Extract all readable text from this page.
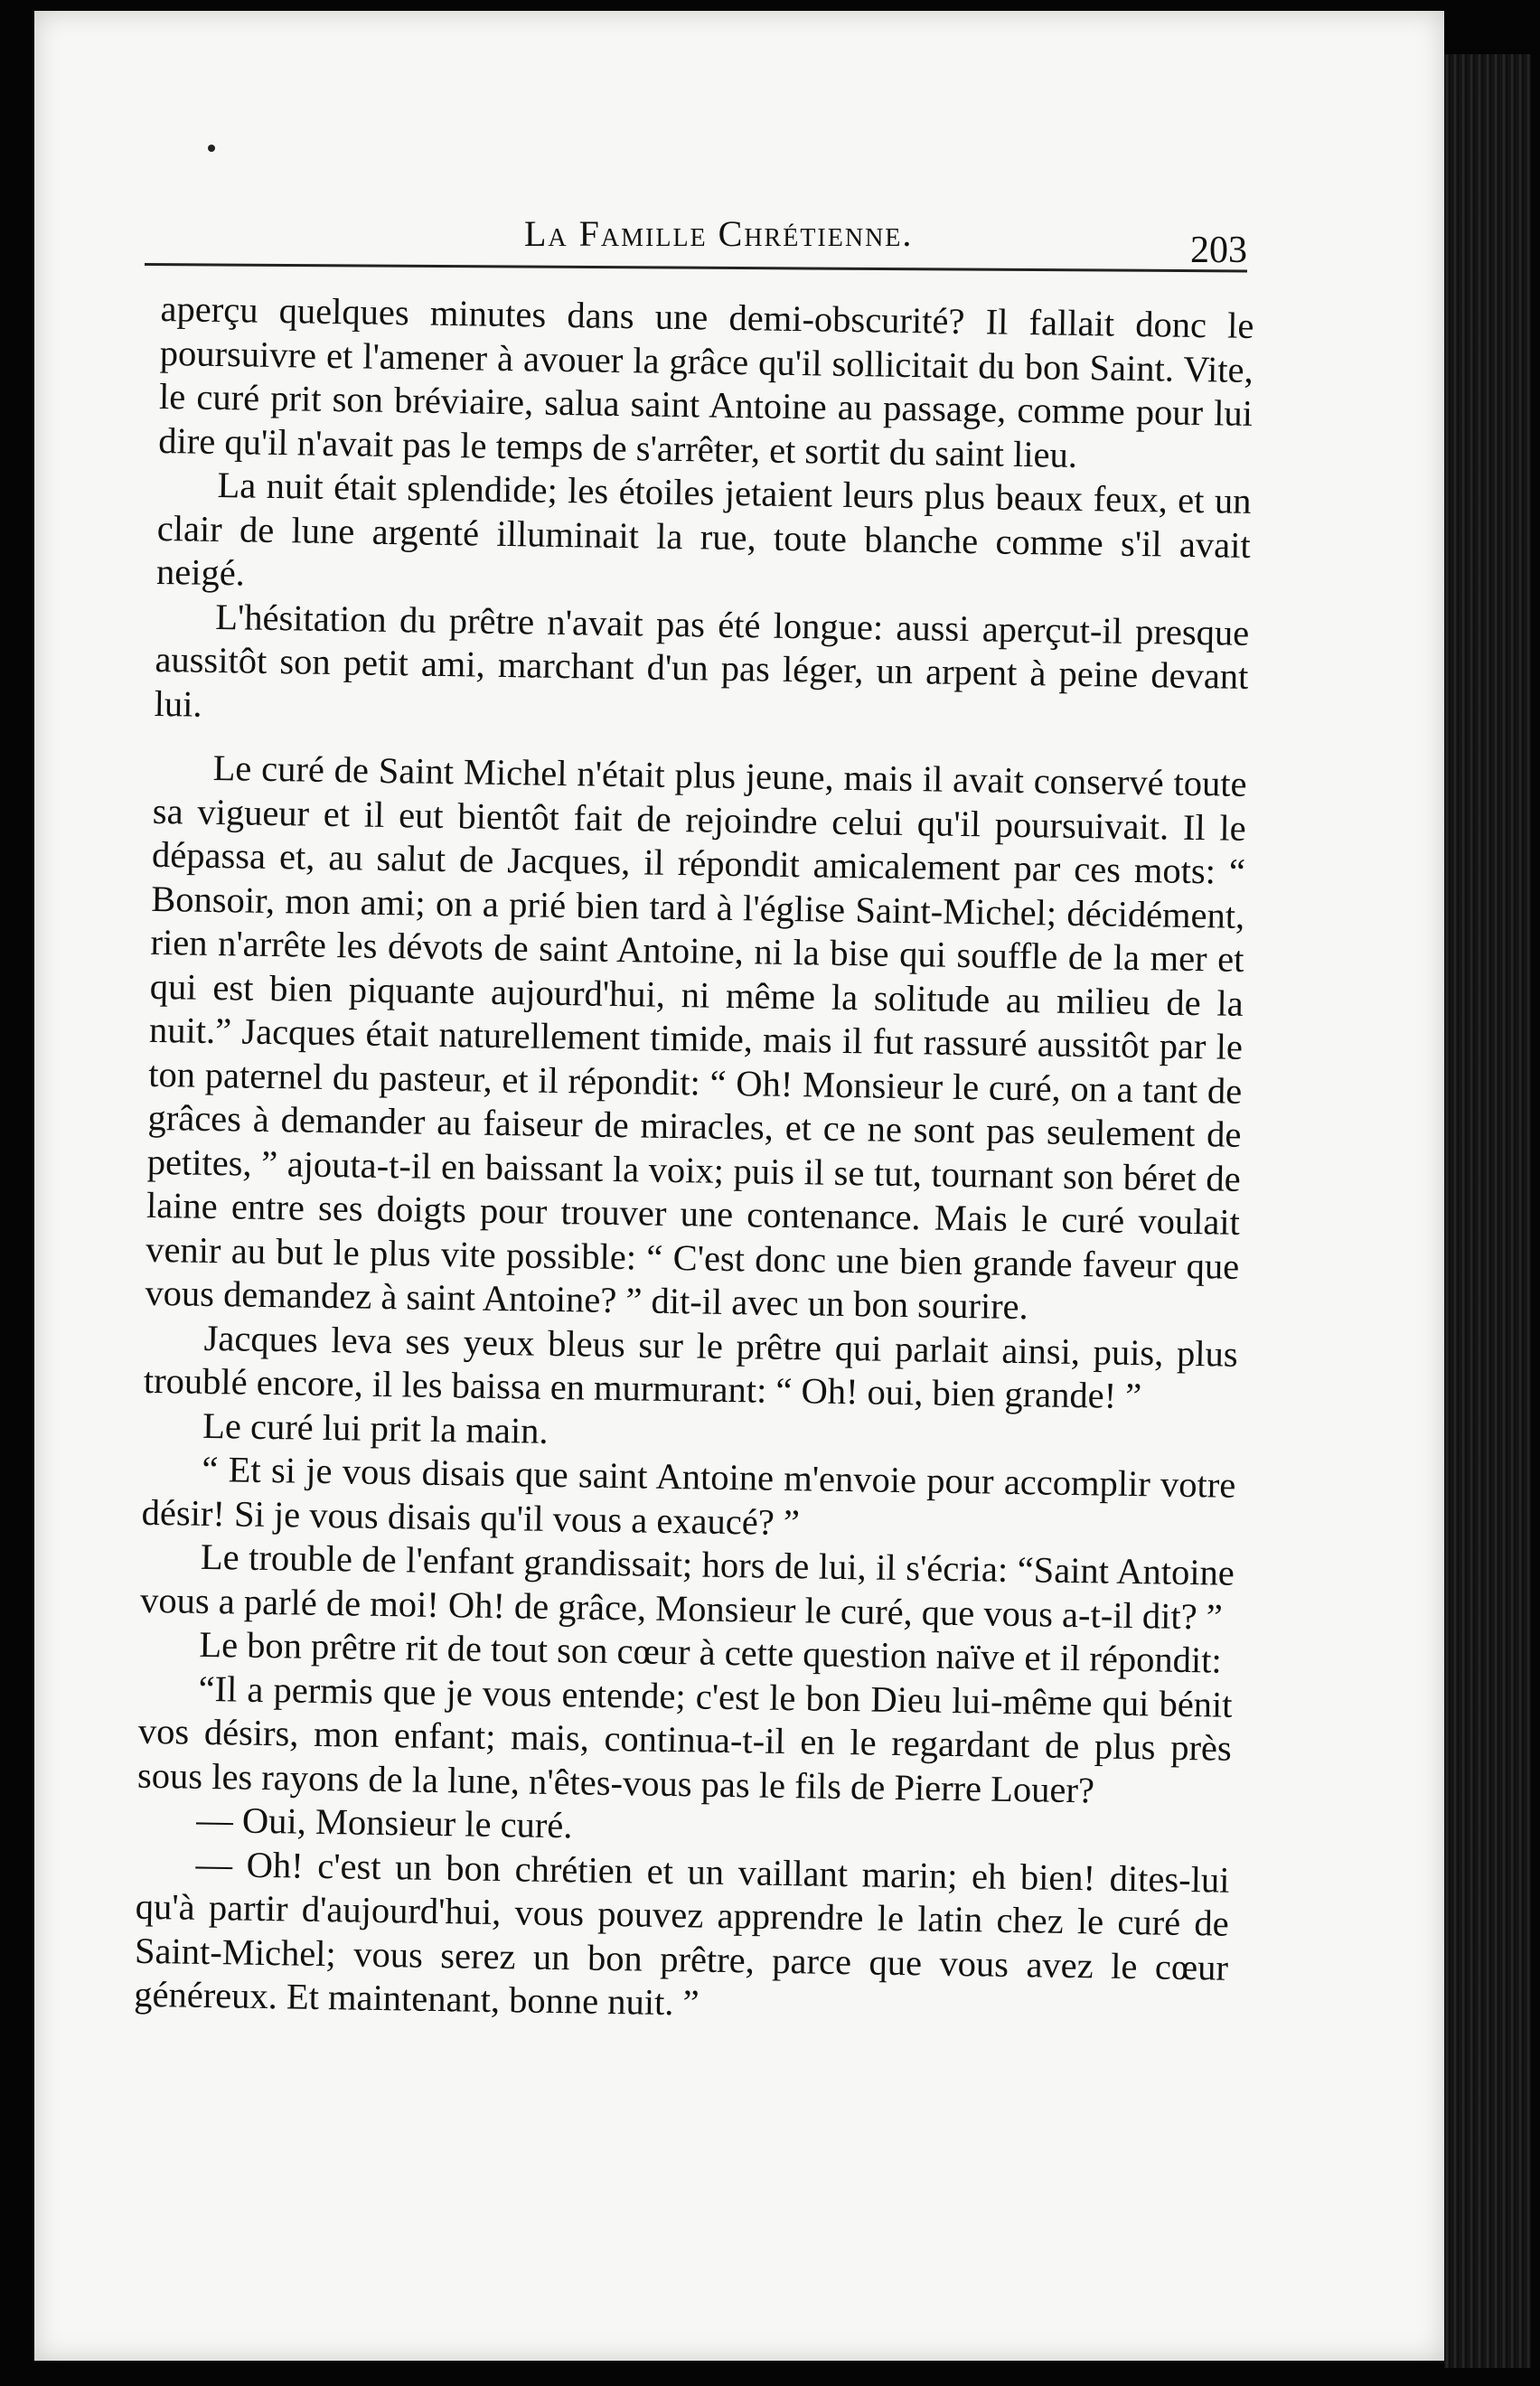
La Famille Chrétienne.	203

aperçu quelques minutes dans une demi-obscurité? Il fallait donc le poursuivre et l'amener à avouer la grâce qu'il sollicitait du bon Saint. Vite, le curé prit son bréviaire, salua saint Antoine au passage, comme pour lui dire qu'il n'avait pas le temps de s'arrêter, et sortit du saint lieu.

La nuit était splendide; les étoiles jetaient leurs plus beaux feux, et un clair de lune argenté illuminait la rue, toute blanche comme s'il avait neigé.

L'hésitation du prêtre n'avait pas été longue: aussi aperçut-il presque aussitôt son petit ami, marchant d'un pas léger, un arpent à peine devant lui.

Le curé de Saint Michel n'était plus jeune, mais il avait conservé toute sa vigueur et il eut bientôt fait de rejoindre celui qu'il poursuivait. Il le dépassa et, au salut de Jacques, il répondit amicalement par ces mots: “ Bonsoir, mon ami; on a prié bien tard à l'église Saint-Michel; décidément, rien n'arrête les dévots de saint Antoine, ni la bise qui souffle de la mer et qui est bien piquante aujourd'hui, ni même la solitude au milieu de la nuit.” Jacques était naturellement timide, mais il fut rassuré aussitôt par le ton paternel du pasteur, et il répondit: “ Oh! Monsieur le curé, on a tant de grâces à demander au faiseur de miracles, et ce ne sont pas seulement de petites, ” ajouta-t-il en baissant la voix; puis il se tut, tournant son béret de laine entre ses doigts pour trouver une contenance. Mais le curé voulait venir au but le plus vite possible: “ C'est donc une bien grande faveur que vous demandez à saint Antoine? ” dit-il avec un bon sourire.

Jacques leva ses yeux bleus sur le prêtre qui parlait ainsi, puis, plus troublé encore, il les baissa en murmurant: “ Oh! oui, bien grande! ”

Le curé lui prit la main.

“ Et si je vous disais que saint Antoine m'envoie pour accomplir votre désir! Si je vous disais qu'il vous a exaucé? ”

Le trouble de l'enfant grandissait; hors de lui, il s'écria: “Saint Antoine vous a parlé de moi! Oh! de grâce, Monsieur le curé, que vous a-t-il dit? ”

Le bon prêtre rit de tout son cœur à cette question naïve et il répondit:

“Il a permis que je vous entende; c'est le bon Dieu lui-même qui bénit vos désirs, mon enfant; mais, continua-t-il en le regardant de plus près sous les rayons de la lune, n'êtes-vous pas le fils de Pierre Louer?

— Oui, Monsieur le curé.

— Oh! c'est un bon chrétien et un vaillant marin; eh bien! dites-lui qu'à partir d'aujourd'hui, vous pouvez apprendre le latin chez le curé de Saint-Michel; vous serez un bon prêtre, parce que vous avez le cœur généreux. Et maintenant, bonne nuit. ”
